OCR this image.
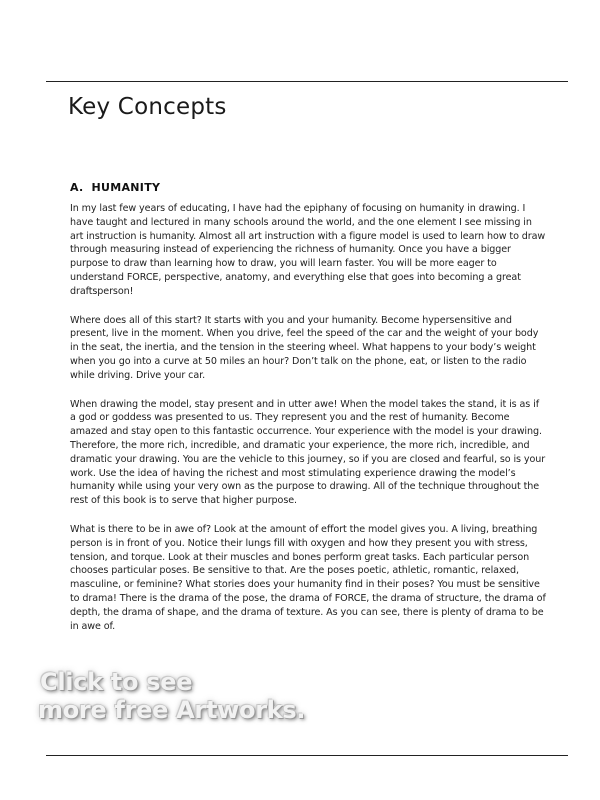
Key Concepts
A. HUMANITY

In my last few years of educating, I have had the epiphany of focusing on humanity in drawing. I have taught and lectured in many schools around the world, and the one element I see missing in art instruction is humanity. Almost all art instruction with a figure model is used to learn how to draw through measuring instead of experiencing the richness of humanity. Once you have a bigger purpose to draw than learning how to draw, you will learn faster. You will be more eager to understand FORCE, perspective, anatomy, and everything else that goes into becoming a great draftsperson!

Where does all of this start? It starts with you and your humanity. Become hypersensitive and present, live in the moment. When you drive, feel the speed of the car and the weight of your body in the seat, the inertia, and the tension in the steering wheel. What happens to your body’s weight when you go into a curve at 50 miles an hour? Don’t talk on the phone, eat, or listen to the radio while driving. Drive your car.

When drawing the model, stay present and in utter awe! When the model takes the stand, it is as if a god or goddess was presented to us. They represent you and the rest of humanity. Become amazed and stay open to this fantastic occurrence. Your experience with the model is your drawing. Therefore, the more rich, incredible, and dramatic your experience, the more rich, incredible, and dramatic your drawing. You are the vehicle to this journey, so if you are closed and fearful, so is your work. Use the idea of having the richest and most stimulating experience drawing the model’s humanity while using your very own as the purpose to drawing. All of the technique throughout the rest of this book is to serve that higher purpose.

What is there to be in awe of? Look at the amount of effort the model gives you. A living, breathing person is in front of you. Notice their lungs fill with oxygen and how they present you with stress, tension, and torque. Look at their muscles and bones perform great tasks. Each particular person chooses particular poses. Be sensitive to that. Are the poses poetic, athletic, romantic, relaxed, masculine, or feminine? What stories does your humanity find in their poses? You must be sensitive to drama! There is the drama of the pose, the drama of FORCE, the drama of structure, the drama of depth, the drama of shape, and the drama of texture. As you can see, there is plenty of drama to be in awe of.

Click to see
more free Artworks.
